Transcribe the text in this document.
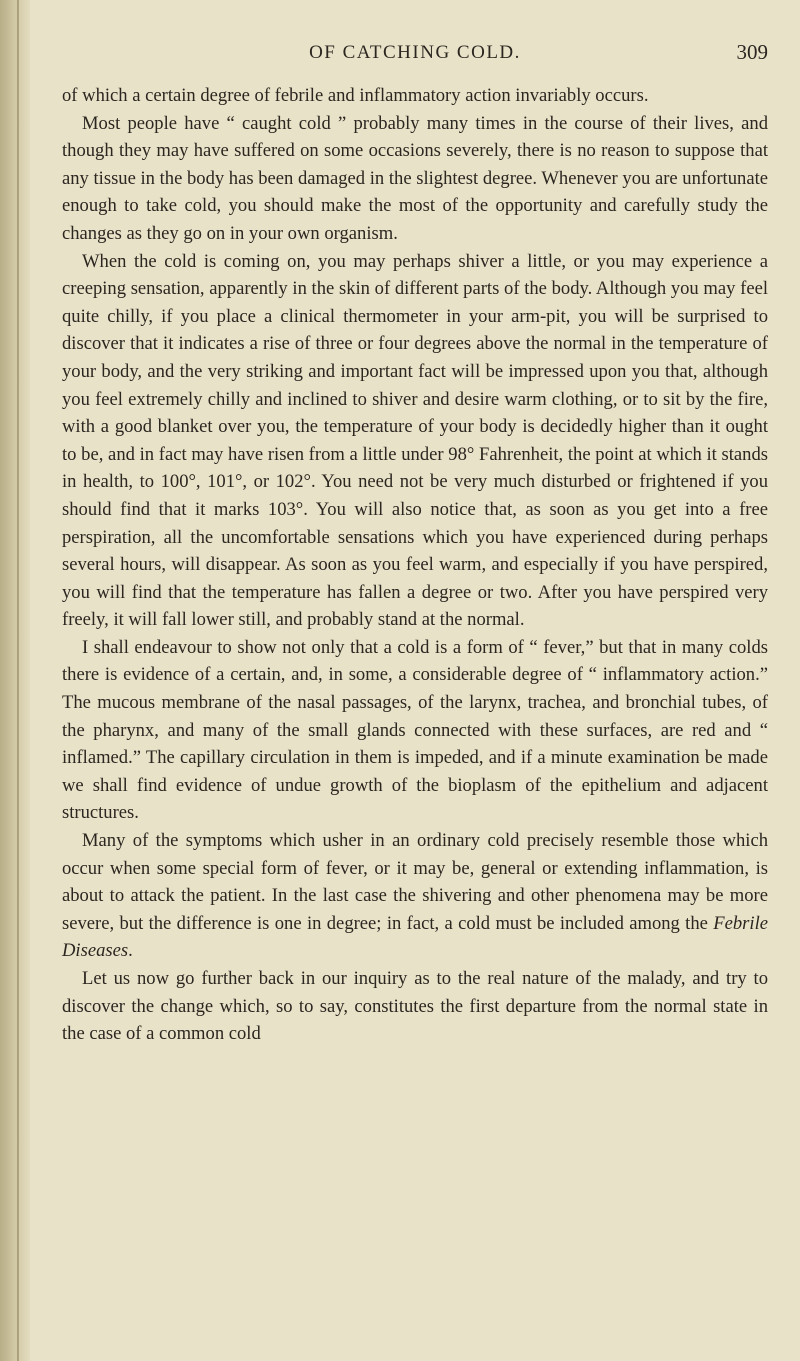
OF CATCHING COLD.	309

of which a certain degree of febrile and inflammatory action invariably occurs.

Most people have “ caught cold ” probably many times in the course of their lives, and though they may have suffered on some occasions severely, there is no reason to suppose that any tissue in the body has been damaged in the slightest degree. Whenever you are unfortunate enough to take cold, you should make the most of the opportunity and carefully study the changes as they go on in your own organism.

When the cold is coming on, you may perhaps shiver a little, or you may experience a creeping sensation, apparently in the skin of different parts of the body. Although you may feel quite chilly, if you place a clinical thermometer in your arm-pit, you will be surprised to discover that it indicates a rise of three or four degrees above the normal in the temperature of your body, and the very striking and important fact will be impressed upon you that, although you feel extremely chilly and inclined to shiver and desire warm clothing, or to sit by the fire, with a good blanket over you, the temperature of your body is decidedly higher than it ought to be, and in fact may have risen from a little under 98° Fahrenheit, the point at which it stands in health, to 100°, 101°, or 102°. You need not be very much disturbed or frightened if you should find that it marks 103°. You will also notice that, as soon as you get into a free perspiration, all the uncomfortable sensations which you have experienced during perhaps several hours, will disappear. As soon as you feel warm, and especially if you have perspired, you will find that the temperature has fallen a degree or two. After you have perspired very freely, it will fall lower still, and probably stand at the normal.

I shall endeavour to show not only that a cold is a form of “ fever,” but that in many colds there is evidence of a certain, and, in some, a considerable degree of “ inflammatory action.” The mucous membrane of the nasal passages, of the larynx, trachea, and bronchial tubes, of the pharynx, and many of the small glands connected with these surfaces, are red and “ inflamed.” The capillary circulation in them is impeded, and if a minute examination be made we shall find evidence of undue growth of the bioplasm of the epithelium and adjacent structures.

Many of the symptoms which usher in an ordinary cold precisely resemble those which occur when some special form of fever, or it may be, general or extending inflammation, is about to attack the patient. In the last case the shivering and other phenomena may be more severe, but the difference is one in degree; in fact, a cold must be included among the Febrile Diseases.

Let us now go further back in our inquiry as to the real nature of the malady, and try to discover the change which, so to say, constitutes the first departure from the normal state in the case of a common cold
